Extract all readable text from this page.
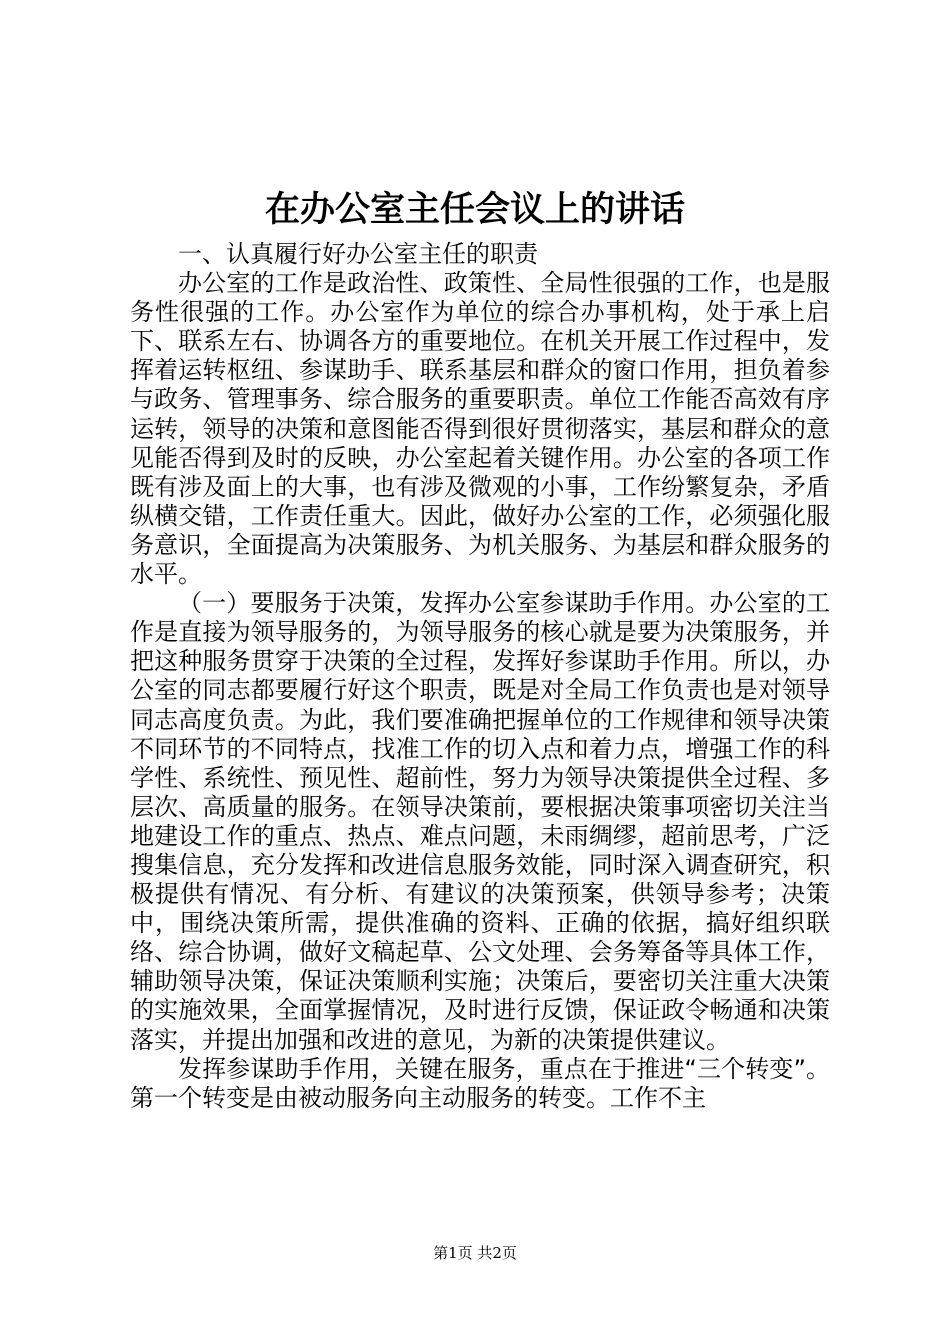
在办公室主任会议上的讲话

一、认真履行好办公室主任的职责

办公室的工作是政治性、政策性、全局性很强的工作，也是服务性很强的工作。办公室作为单位的综合办事机构，处于承上启下、联系左右、协调各方的重要地位。在机关开展工作过程中，发挥着运转枢纽、参谋助手、联系基层和群众的窗口作用，担负着参与政务、管理事务、综合服务的重要职责。单位工作能否高效有序运转，领导的决策和意图能否得到很好贯彻落实，基层和群众的意见能否得到及时的反映，办公室起着关键作用。办公室的各项工作既有涉及面上的大事，也有涉及微观的小事，工作纷繁复杂，矛盾纵横交错，工作责任重大。因此，做好办公室的工作，必须强化服务意识，全面提高为决策服务、为机关服务、为基层和群众服务的水平。

（一）要服务于决策，发挥办公室参谋助手作用。办公室的工作是直接为领导服务的，为领导服务的核心就是要为决策服务，并把这种服务贯穿于决策的全过程，发挥好参谋助手作用。所以，办公室的同志都要履行好这个职责，既是对全局工作负责也是对领导同志高度负责。为此，我们要准确把握单位的工作规律和领导决策不同环节的不同特点，找准工作的切入点和着力点，增强工作的科学性、系统性、预见性、超前性，努力为领导决策提供全过程、多层次、高质量的服务。在领导决策前，要根据决策事项密切关注当地建设工作的重点、热点、难点问题，未雨绸缪，超前思考，广泛搜集信息，充分发挥和改进信息服务效能，同时深入调查研究，积极提供有情况、有分析、有建议的决策预案，供领导参考；决策中，围绕决策所需，提供准确的资料、正确的依据，搞好组织联络、综合协调，做好文稿起草、公文处理、会务筹备等具体工作，辅助领导决策，保证决策顺利实施；决策后，要密切关注重大决策的实施效果，全面掌握情况，及时进行反馈，保证政令畅通和决策落实，并提出加强和改进的意见，为新的决策提供建议。

发挥参谋助手作用，关键在服务，重点在于推进“三个转变”。第一个转变是由被动服务向主动服务的转变。工作不主

第1页 共2页
